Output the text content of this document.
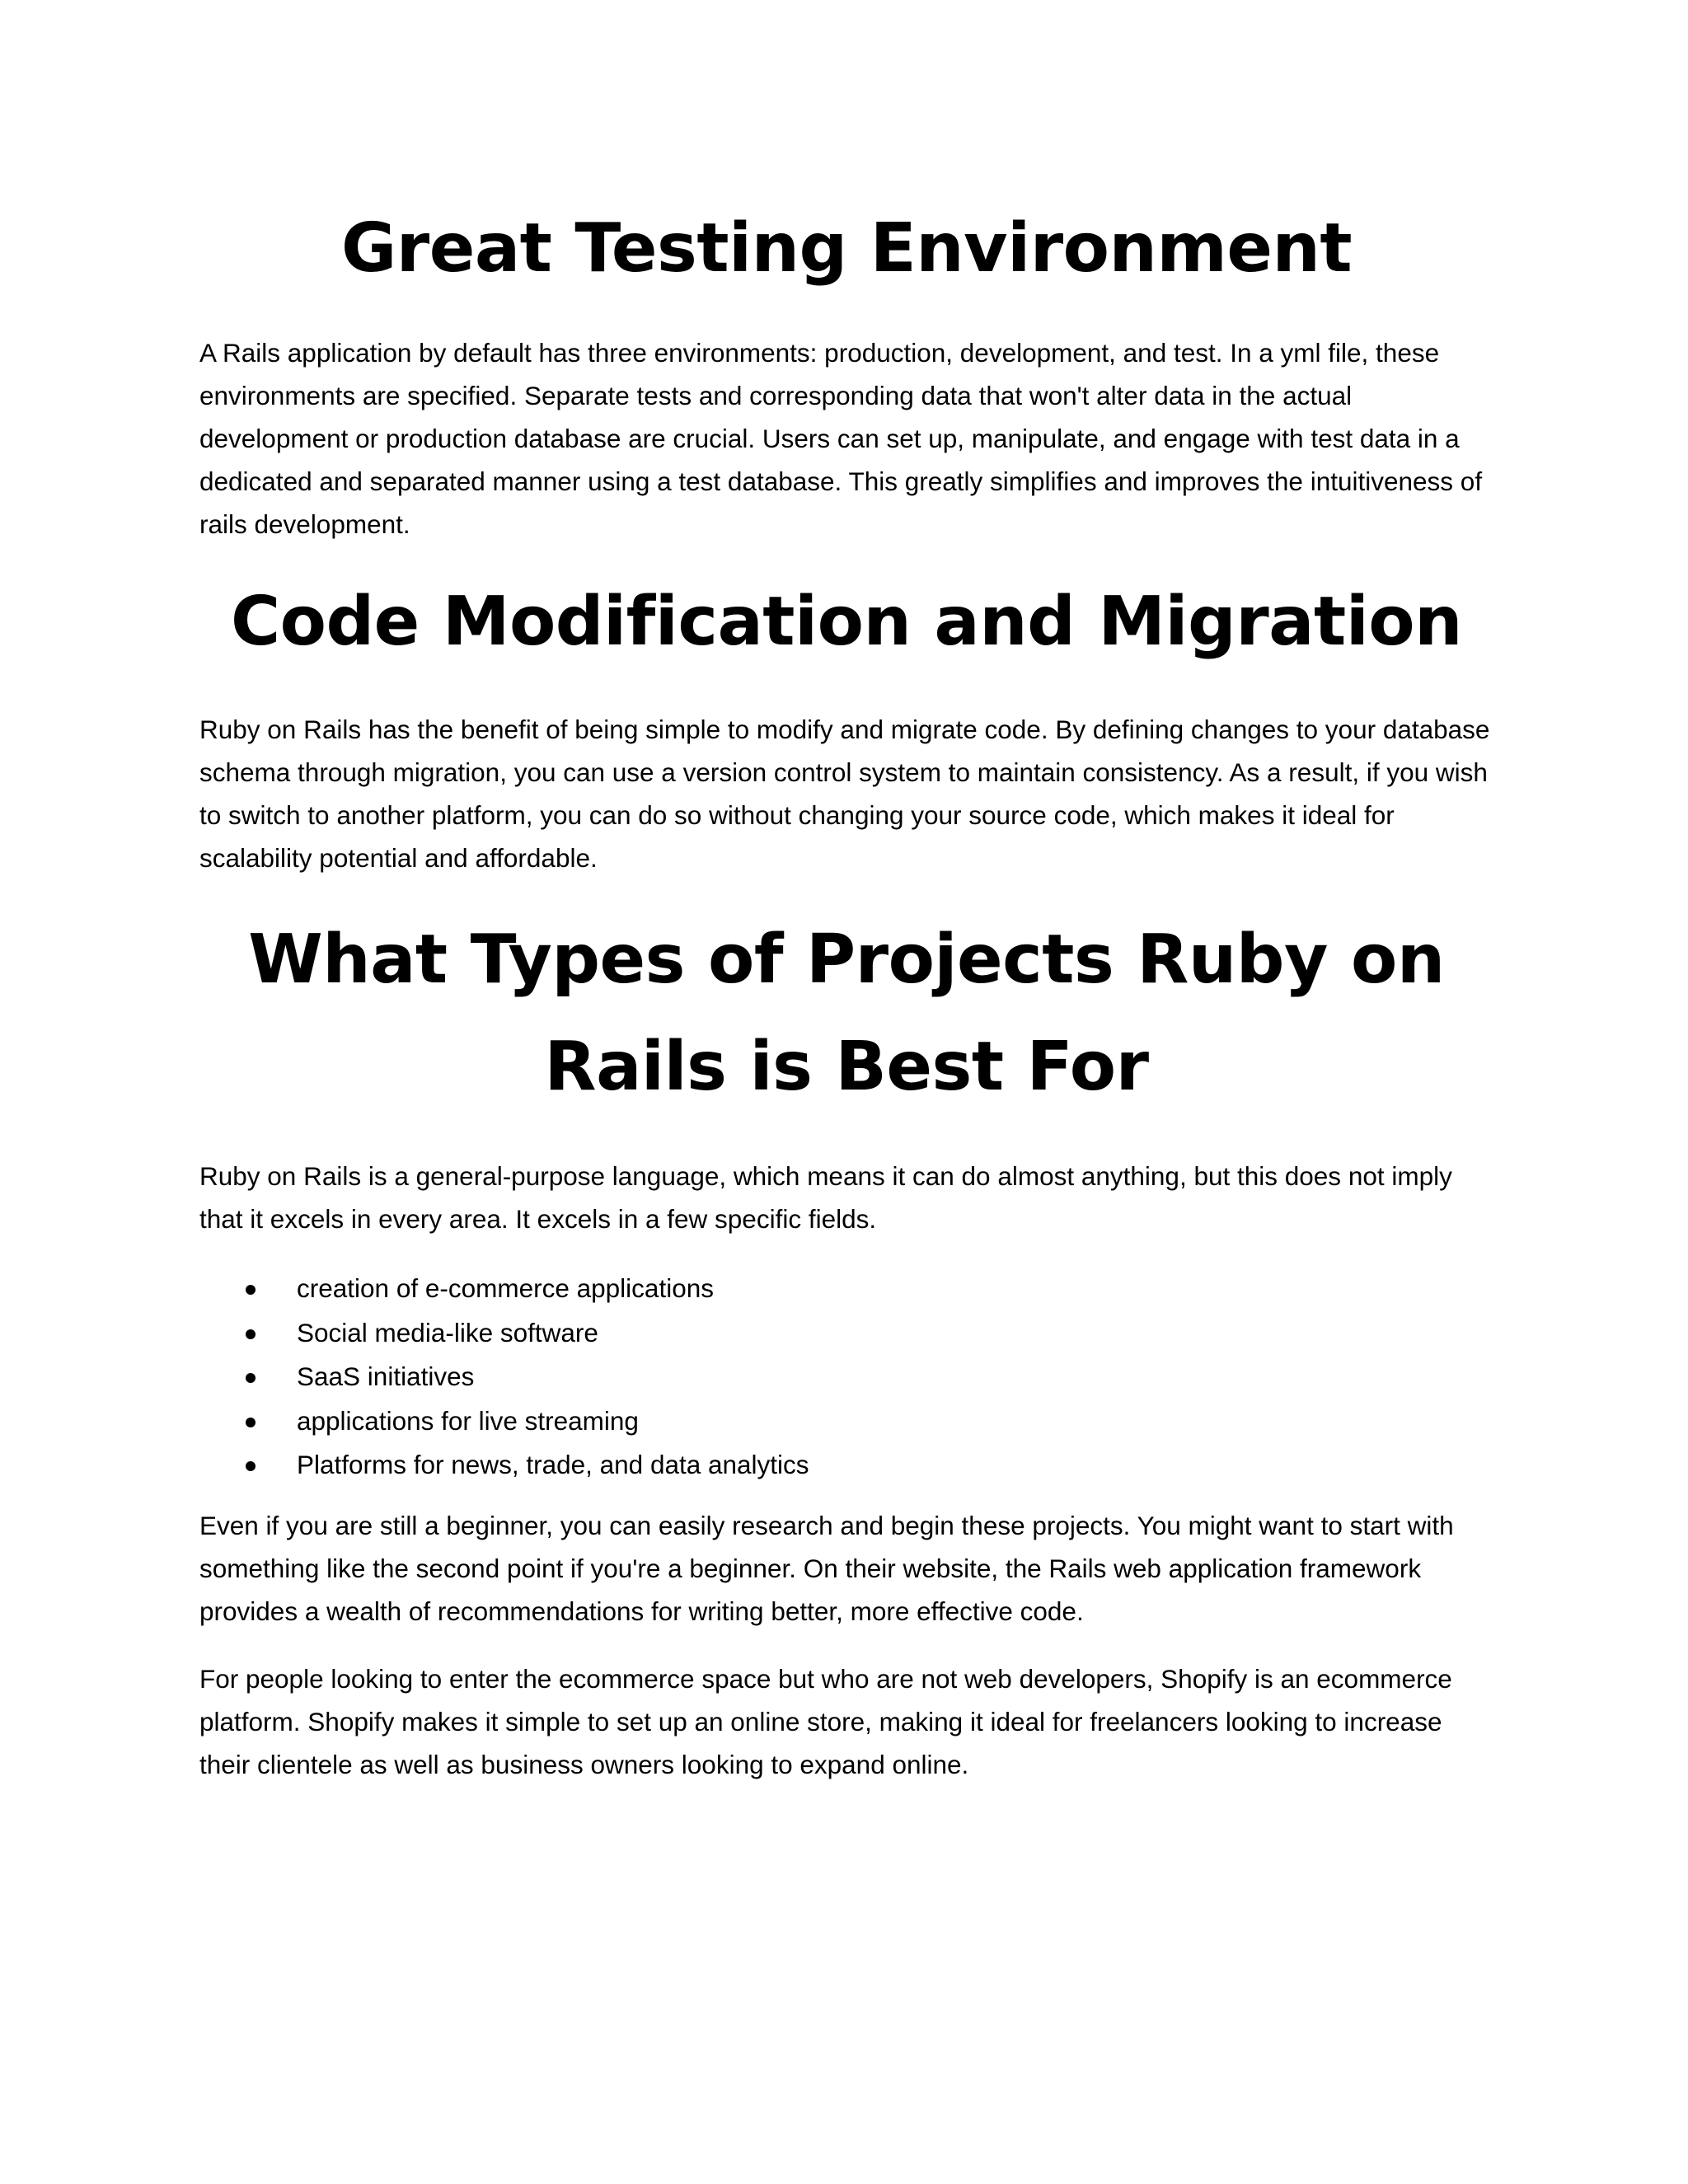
Great Testing Environment

A Rails application by default has three environments: production, development, and test. In a yml file, these environments are specified. Separate tests and corresponding data that won't alter data in the actual development or production database are crucial. Users can set up, manipulate, and engage with test data in a dedicated and separated manner using a test database. This greatly simplifies and improves the intuitiveness of rails development.

Code Modification and Migration

Ruby on Rails has the benefit of being simple to modify and migrate code. By defining changes to your database schema through migration, you can use a version control system to maintain consistency. As a result, if you wish to switch to another platform, you can do so without changing your source code, which makes it ideal for scalability potential and affordable.

What Types of Projects Ruby on Rails is Best For

Ruby on Rails is a general-purpose language, which means it can do almost anything, but this does not imply that it excels in every area. It excels in a few specific fields.

creation of e-commerce applications
Social media-like software
SaaS initiatives
applications for live streaming
Platforms for news, trade, and data analytics

Even if you are still a beginner, you can easily research and begin these projects. You might want to start with something like the second point if you're a beginner. On their website, the Rails web application framework provides a wealth of recommendations for writing better, more effective code.

For people looking to enter the ecommerce space but who are not web developers, Shopify is an ecommerce platform. Shopify makes it simple to set up an online store, making it ideal for freelancers looking to increase their clientele as well as business owners looking to expand online.
